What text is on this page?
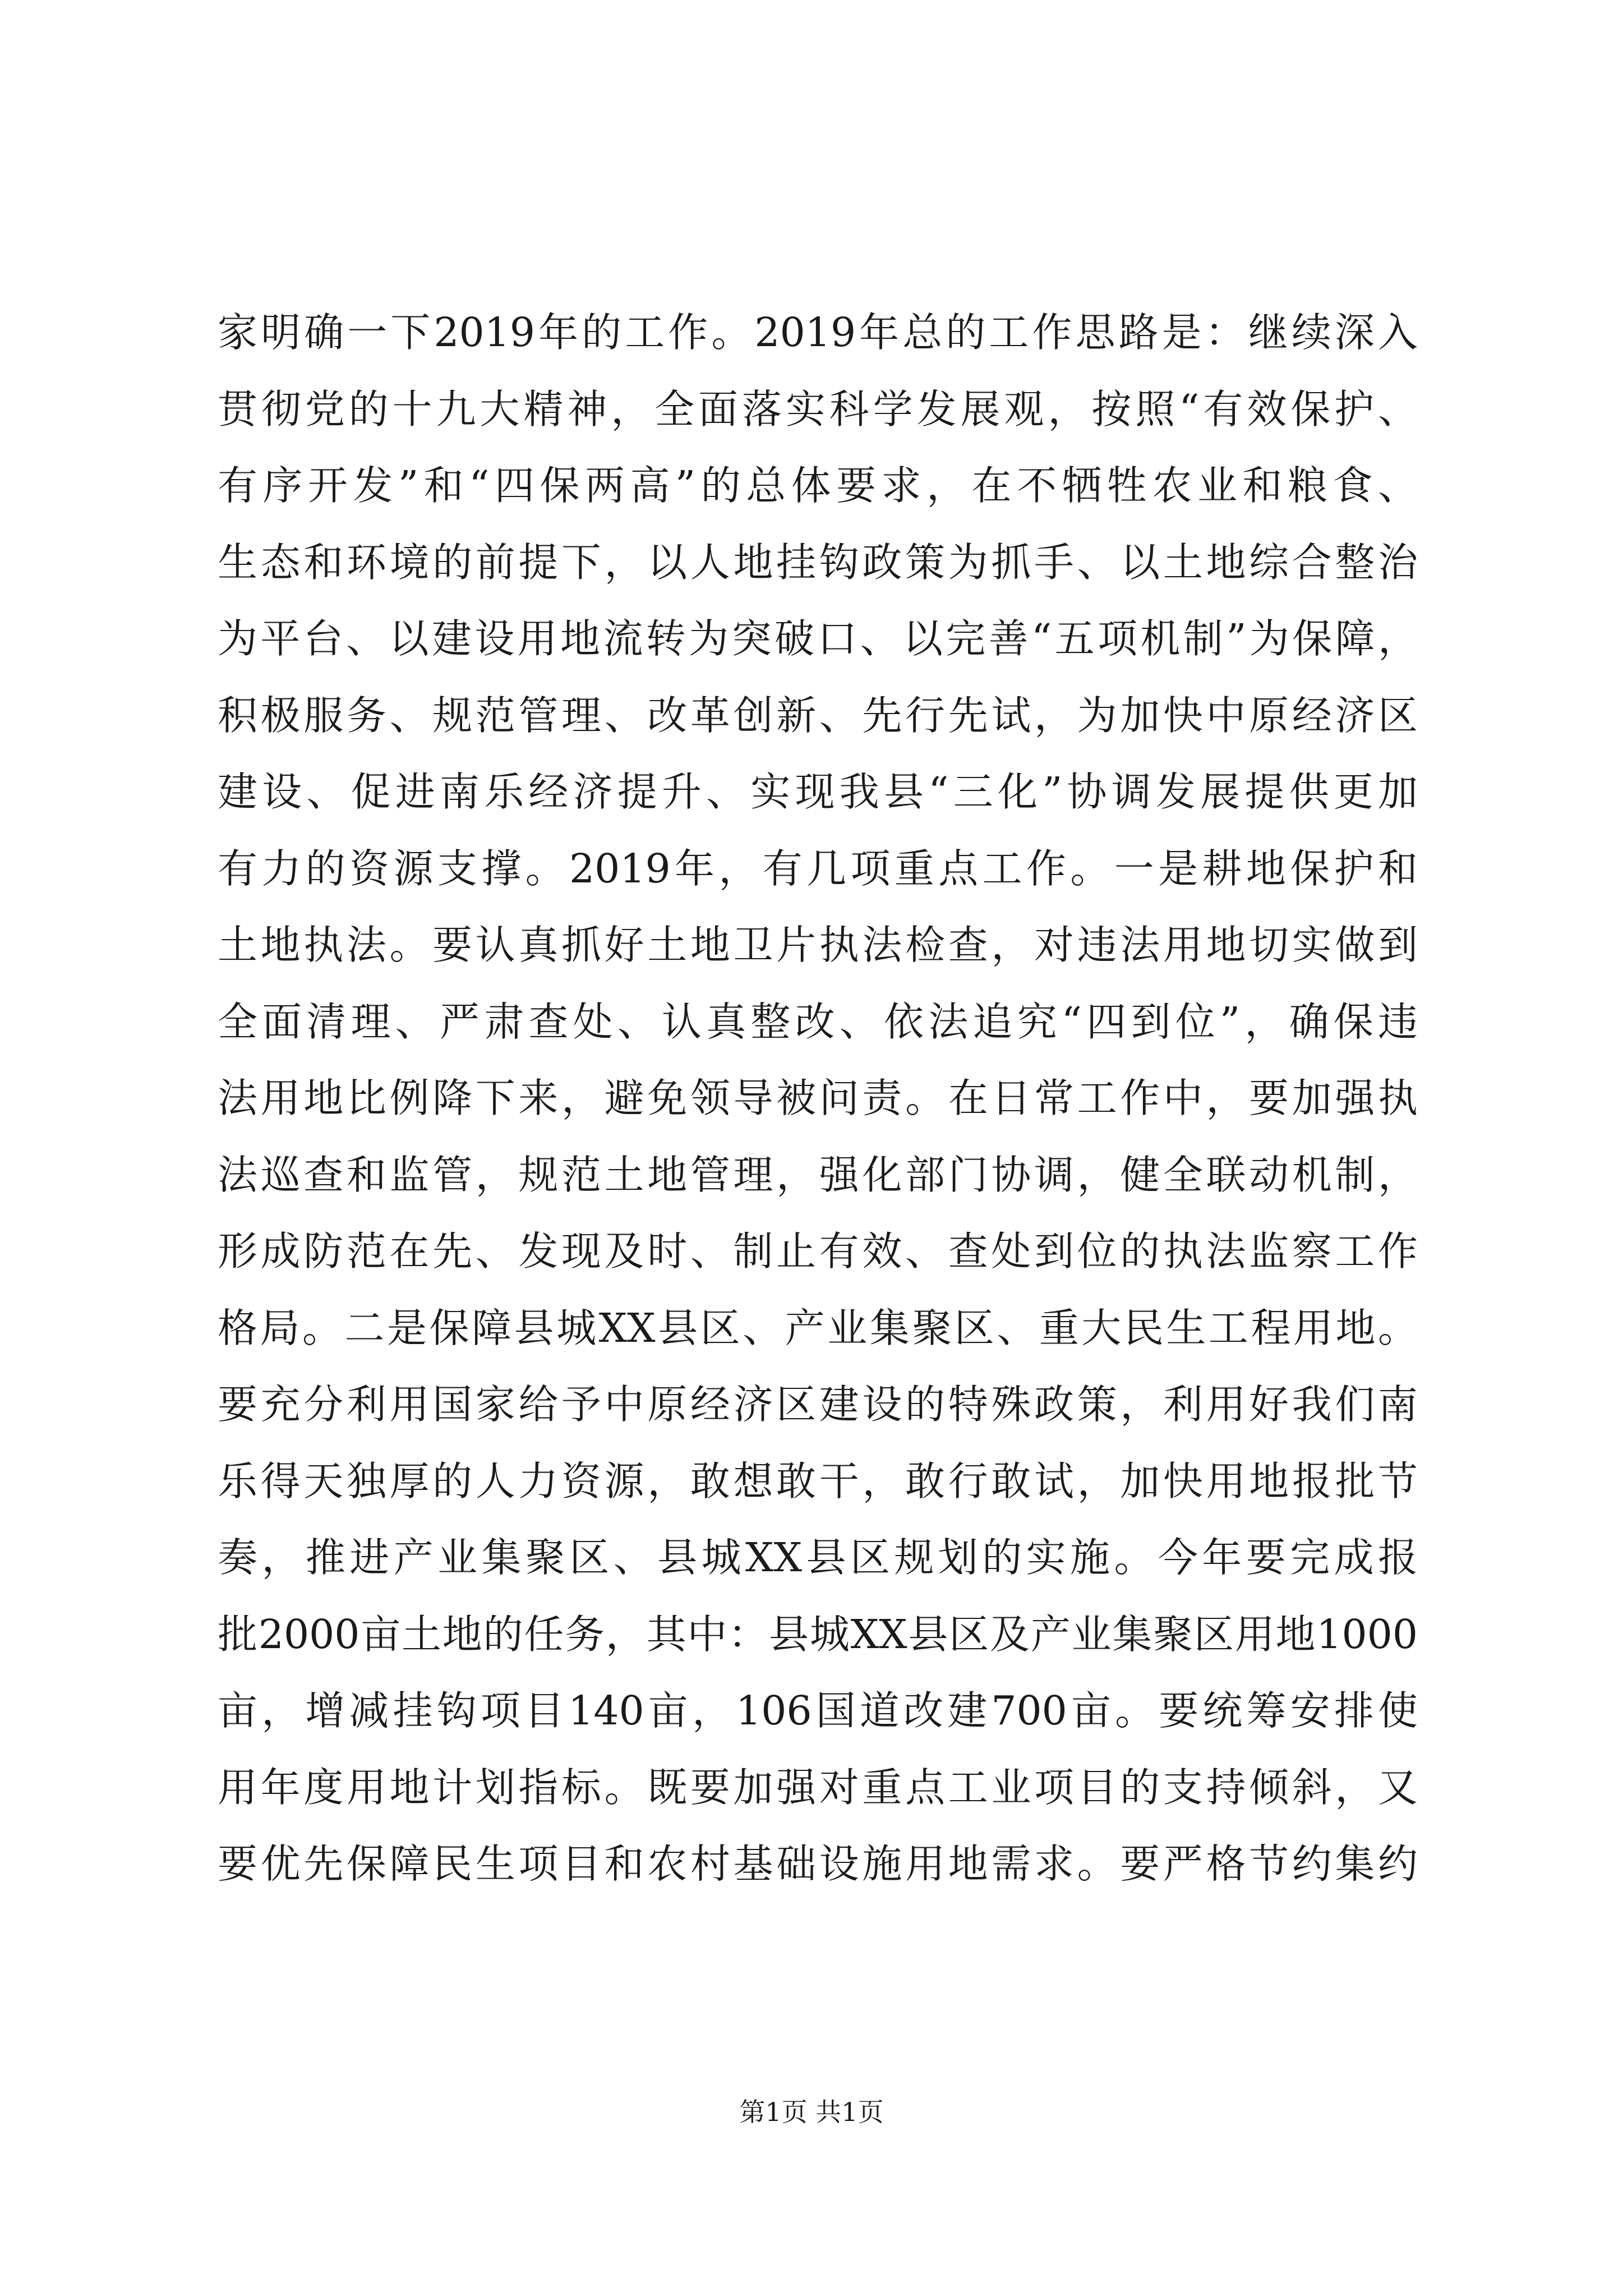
家明确一下2019年的工作。2019年总的工作思路是：继续深入
贯彻党的十九大精神，全面落实科学发展观，按照“有效保护、
有序开发”和“四保两高”的总体要求，在不牺牲农业和粮食、
生态和环境的前提下，以人地挂钩政策为抓手、以土地综合整治
为平台、以建设用地流转为突破口、以完善“五项机制”为保障，
积极服务、规范管理、改革创新、先行先试，为加快中原经济区
建设、促进南乐经济提升、实现我县“三化”协调发展提供更加
有力的资源支撑。2019年，有几项重点工作。一是耕地保护和
土地执法。要认真抓好土地卫片执法检查，对违法用地切实做到
全面清理、严肃查处、认真整改、依法追究“四到位”，确保违
法用地比例降下来，避免领导被问责。在日常工作中，要加强执
法巡查和监管，规范土地管理，强化部门协调，健全联动机制，
形成防范在先、发现及时、制止有效、查处到位的执法监察工作
格局。二是保障县城XX县区、产业集聚区、重大民生工程用地。
要充分利用国家给予中原经济区建设的特殊政策，利用好我们南
乐得天独厚的人力资源，敢想敢干，敢行敢试，加快用地报批节
奏，推进产业集聚区、县城XX县区规划的实施。今年要完成报
批2000亩土地的任务，其中：县城XX县区及产业集聚区用地1000
亩，增减挂钩项目140亩，106国道改建700亩。要统筹安排使
用年度用地计划指标。既要加强对重点工业项目的支持倾斜，又
要优先保障民生项目和农村基础设施用地需求。要严格节约集约
第1页 共1页
